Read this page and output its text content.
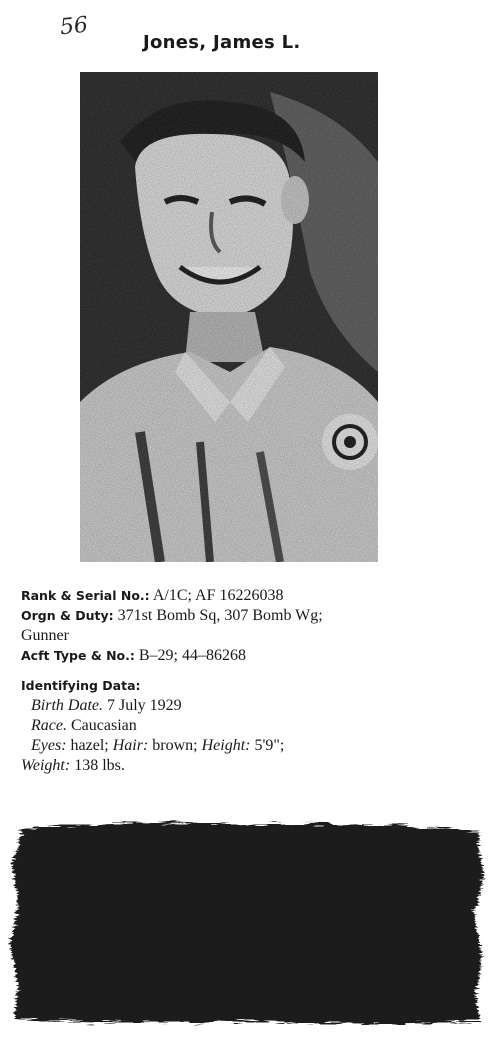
56
Jones, James L.
Rank & Serial No.: A/1C; AF 16226038
Orgn & Duty: 371st Bomb Sq, 307 Bomb Wg;
Gunner
Acft Type & No.: B–29; 44–86268
Identifying Data:
Birth Date. 7 July 1929
Race. Caucasian
Eyes: hazel; Hair: brown; Height: 5'9";
Weight: 138 lbs.
